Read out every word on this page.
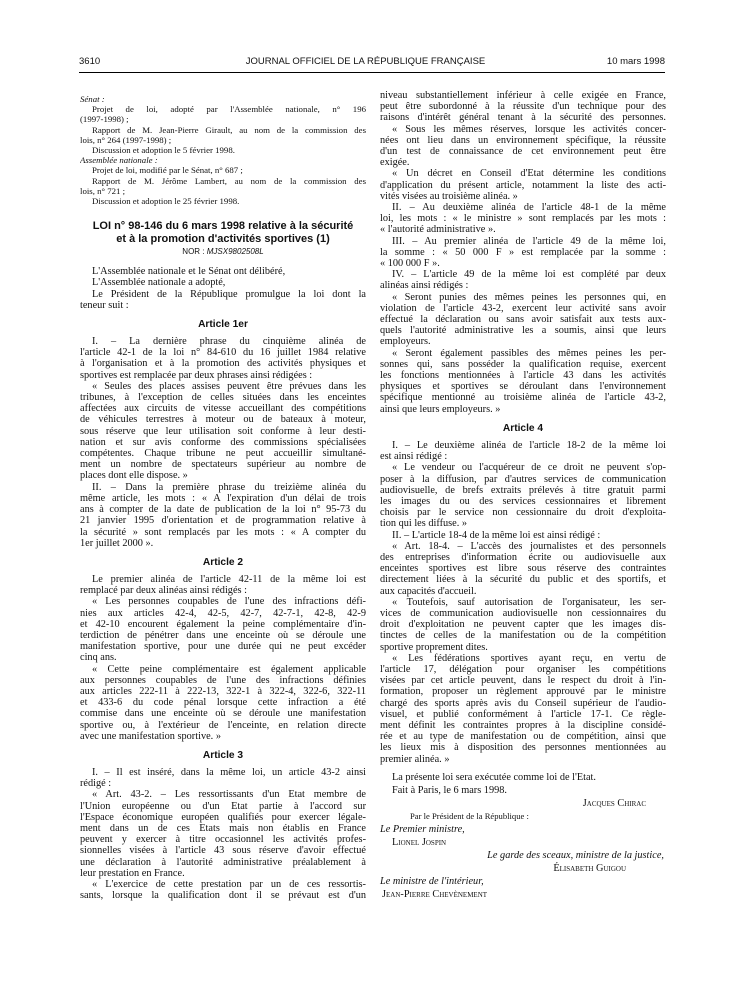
3610	JOURNAL OFFICIEL DE LA RÉPUBLIQUE FRANÇAISE	10 mars 1998
Sénat :
Projet de loi, adopté par l'Assemblée nationale, n° 196
(1997-1998) ;
Rapport de M. Jean-Pierre Girault, au nom de la commission des
lois, n° 264 (1997-1998) ;
Discussion et adoption le 5 février 1998.
Assemblée nationale :
Projet de loi, modifié par le Sénat, n° 687 ;
Rapport de M. Jérôme Lambert, au nom de la commission des
lois, n° 721 ;
Discussion et adoption le 25 février 1998.
LOI n° 98-146 du 6 mars 1998 relative à la sécurité
et à la promotion d'activités sportives (1)
NOR : MJSX9802508L
L'Assemblée nationale et le Sénat ont délibéré,
L'Assemblée nationale a adopté,
Le Président de la République promulgue la loi dont la
teneur suit :
Article 1er
I. – La dernière phrase du cinquième alinéa de
l'article 42-1 de la loi n° 84-610 du 16 juillet 1984 relative
à l'organisation et à la promotion des activités physiques et
sportives est remplacée par deux phrases ainsi rédigées :
« Seules des places assises peuvent être prévues dans les
tribunes, à l'exception de celles situées dans les enceintes
affectées aux circuits de vitesse accueillant des compétitions
de véhicules terrestres à moteur ou de bateaux à moteur,
sous réserve que leur utilisation soit conforme à leur desti-
nation et sur avis conforme des commissions spécialisées
compétentes. Chaque tribune ne peut accueillir simultané-
ment un nombre de spectateurs supérieur au nombre de
places dont elle dispose. »
II. – Dans la première phrase du treizième alinéa du
même article, les mots : « A l'expiration d'un délai de trois
ans à compter de la date de publication de la loi n° 95-73 du
21 janvier 1995 d'orientation et de programmation relative à
la sécurité » sont remplacés par les mots : « A compter du
1er juillet 2000 ».
Article 2
Le premier alinéa de l'article 42-11 de la même loi est
remplacé par deux alinéas ainsi rédigés :
« Les personnes coupables de l'une des infractions défi-
nies aux articles 42-4, 42-5, 42-7, 42-7-1, 42-8, 42-9
et 42-10 encourent également la peine complémentaire d'in-
terdiction de pénétrer dans une enceinte où se déroule une
manifestation sportive, pour une durée qui ne peut excéder
cinq ans.
« Cette peine complémentaire est également applicable
aux personnes coupables de l'une des infractions définies
aux articles 222-11 à 222-13, 322-1 à 322-4, 322-6, 322-11
et 433-6 du code pénal lorsque cette infraction a été
commise dans une enceinte où se déroule une manifestation
sportive ou, à l'extérieur de l'enceinte, en relation directe
avec une manifestation sportive. »
Article 3
I. – Il est inséré, dans la même loi, un article 43-2 ainsi
rédigé :
« Art. 43-2. – Les ressortissants d'un Etat membre de
l'Union européenne ou d'un Etat partie à l'accord sur
l'Espace économique européen qualifiés pour exercer légale-
ment dans un de ces Etats mais non établis en France
peuvent y exercer à titre occasionnel les activités profes-
sionnelles visées à l'article 43 sous réserve d'avoir effectué
une déclaration à l'autorité administrative préalablement à
leur prestation en France.
« L'exercice de cette prestation par un de ces ressortis-
sants, lorsque la qualification dont il se prévaut est d'un
niveau substantiellement inférieur à celle exigée en France,
peut être subordonné à la réussite d'un technique pour des
raisons d'intérêt général tenant à la sécurité des personnes.
« Sous les mêmes réserves, lorsque les activités concer-
nées ont lieu dans un environnement spécifique, la réussite
d'un test de connaissance de cet environnement peut être
exigée.
« Un décret en Conseil d'Etat détermine les conditions
d'application du présent article, notamment la liste des acti-
vités visées au troisième alinéa. »
II. – Au deuxième alinéa de l'article 48-1 de la même
loi, les mots : « le ministre » sont remplacés par les mots :
« l'autorité administrative ».
III. – Au premier alinéa de l'article 49 de la même loi,
la somme : « 50 000 F » est remplacée par la somme :
« 100 000 F ».
IV. – L'article 49 de la même loi est complété par deux
alinéas ainsi rédigés :
« Seront punies des mêmes peines les personnes qui, en
violation de l'article 43-2, exercent leur activité sans avoir
effectué la déclaration ou sans avoir satisfait aux tests aux-
quels l'autorité administrative les a soumis, ainsi que leurs
employeurs.
« Seront également passibles des mêmes peines les per-
sonnes qui, sans posséder la qualification requise, exercent
les fonctions mentionnées à l'article 43 dans les activités
physiques et sportives se déroulant dans l'environnement
spécifique mentionné au troisième alinéa de l'article 43-2,
ainsi que leurs employeurs. »
Article 4
I. – Le deuxième alinéa de l'article 18-2 de la même loi
est ainsi rédigé :
« Le vendeur ou l'acquéreur de ce droit ne peuvent s'op-
poser à la diffusion, par d'autres services de communication
audiovisuelle, de brefs extraits prélevés à titre gratuit parmi
les images du ou des services cessionnaires et librement
choisis par le service non cessionnaire du droit d'exploita-
tion qui les diffuse. »
II. – L'article 18-4 de la même loi est ainsi rédigé :
« Art. 18-4. – L'accès des journalistes et des personnels
des entreprises d'information écrite ou audiovisuelle aux
enceintes sportives est libre sous réserve des contraintes
directement liées à la sécurité du public et des sportifs, et
aux capacités d'accueil.
« Toutefois, sauf autorisation de l'organisateur, les ser-
vices de communication audiovisuelle non cessionnaires du
droit d'exploitation ne peuvent capter que les images dis-
tinctes de celles de la manifestation ou de la compétition
sportive proprement dites.
« Les fédérations sportives ayant reçu, en vertu de
l'article 17, délégation pour organiser les compétitions
visées par cet article peuvent, dans le respect du droit à l'in-
formation, proposer un règlement approuvé par le ministre
chargé des sports après avis du Conseil supérieur de l'audio-
visuel, et publié conformément à l'article 17-1. Ce règle-
ment définit les contraintes propres à la discipline considé-
rée et au type de manifestation ou de compétition, ainsi que
les lieux mis à disposition des personnes mentionnées au
premier alinéa. »
La présente loi sera exécutée comme loi de l'Etat.
Fait à Paris, le 6 mars 1998.
Jacques Chirac
Par le Président de la République :
Le Premier ministre,
Lionel Jospin
Le garde des sceaux, ministre de la justice,
Élisabeth Guigou
Le ministre de l'intérieur,
Jean-Pierre Chevènement
